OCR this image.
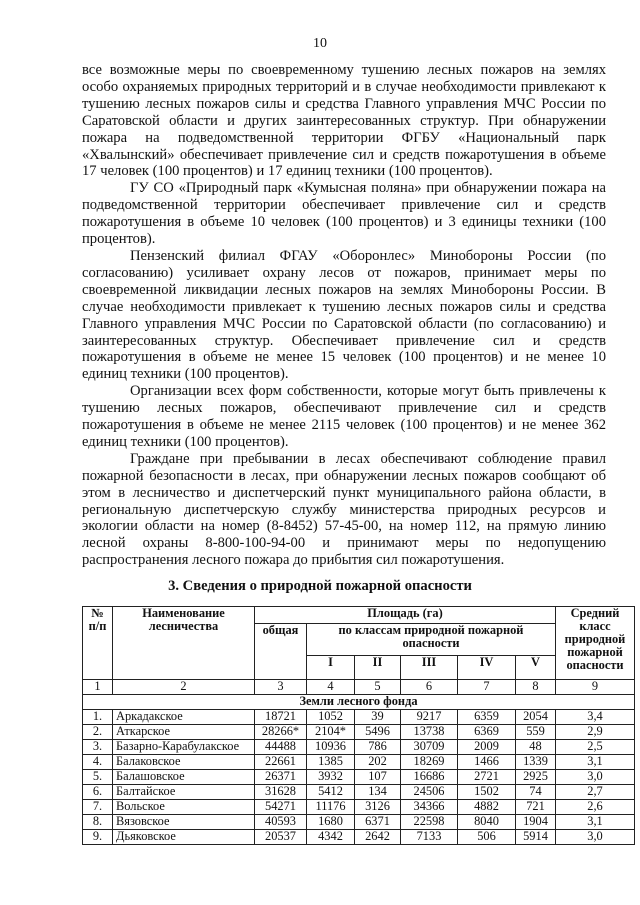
10

все возможные меры по своевременному тушению лесных пожаров на землях особо охраняемых природных территорий и в случае необходимости привлекают к тушению лесных пожаров силы и средства Главного управления МЧС России по Саратовской области и других заинтересованных структур. При обнаружении пожара на подведомственной территории ФГБУ «Национальный парк «Хвалынский» обеспечивает привлечение сил и средств пожаротушения в объеме 17 человек (100 процентов) и 17 единиц техники (100 процентов).

ГУ СО «Природный парк «Кумысная поляна» при обнаружении пожара на подведомственной территории обеспечивает привлечение сил и средств пожаротушения в объеме 10 человек (100 процентов) и 3 единицы техники (100 процентов).

Пензенский филиал ФГАУ «Оборонлес» Минобороны России (по согласованию) усиливает охрану лесов от пожаров, принимает меры по своевременной ликвидации лесных пожаров на землях Минобороны России. В случае необходимости привлекает к тушению лесных пожаров силы и средства Главного управления МЧС России по Саратовской области (по согласованию) и заинтересованных структур. Обеспечивает привлечение сил и средств пожаротушения в объеме не менее 15 человек (100 процентов) и не менее 10 единиц техники (100 процентов).

Организации всех форм собственности, которые могут быть привлечены к тушению лесных пожаров, обеспечивают привлечение сил и средств пожаротушения в объеме не менее 2115 человек (100 процентов) и не менее 362 единиц техники (100 процентов).

Граждане при пребывании в лесах обеспечивают соблюдение правил пожарной безопасности в лесах, при обнаружении лесных пожаров сообщают об этом в лесничество и диспетчерский пункт муниципального района области, в региональную диспетчерскую службу министерства природных ресурсов и экологии области на номер (8-8452) 57-45-00, на номер 112, на прямую линию лесной охраны 8-800-100-94-00 и принимают меры по недопущению распространения лесного пожара до прибытия сил пожаротушения.

3. Сведения о природной пожарной опасности
№ п/п	Наименование лесничества	Площадь (га)						Средний класс природной пожарной опасности
		общая	по классам природной пожарной опасности					
			I	II	III	IV	V	
1	2	3	4	5	6	7	8	9
Земли лесного фонда								
1.	Аркадакское	18721	1052	39	9217	6359	2054	3,4
2.	Аткарское	28266*	2104*	5496	13738	6369	559	2,9
3.	Базарно-Карабулакское	44488	10936	786	30709	2009	48	2,5
4.	Балаковское	22661	1385	202	18269	1466	1339	3,1
5.	Балашовское	26371	3932	107	16686	2721	2925	3,0
6.	Балтайское	31628	5412	134	24506	1502	74	2,7
7.	Вольское	54271	11176	3126	34366	4882	721	2,6
8.	Вязовское	40593	1680	6371	22598	8040	1904	3,1
9.	Дьяковское	20537	4342	2642	7133	506	5914	3,0
